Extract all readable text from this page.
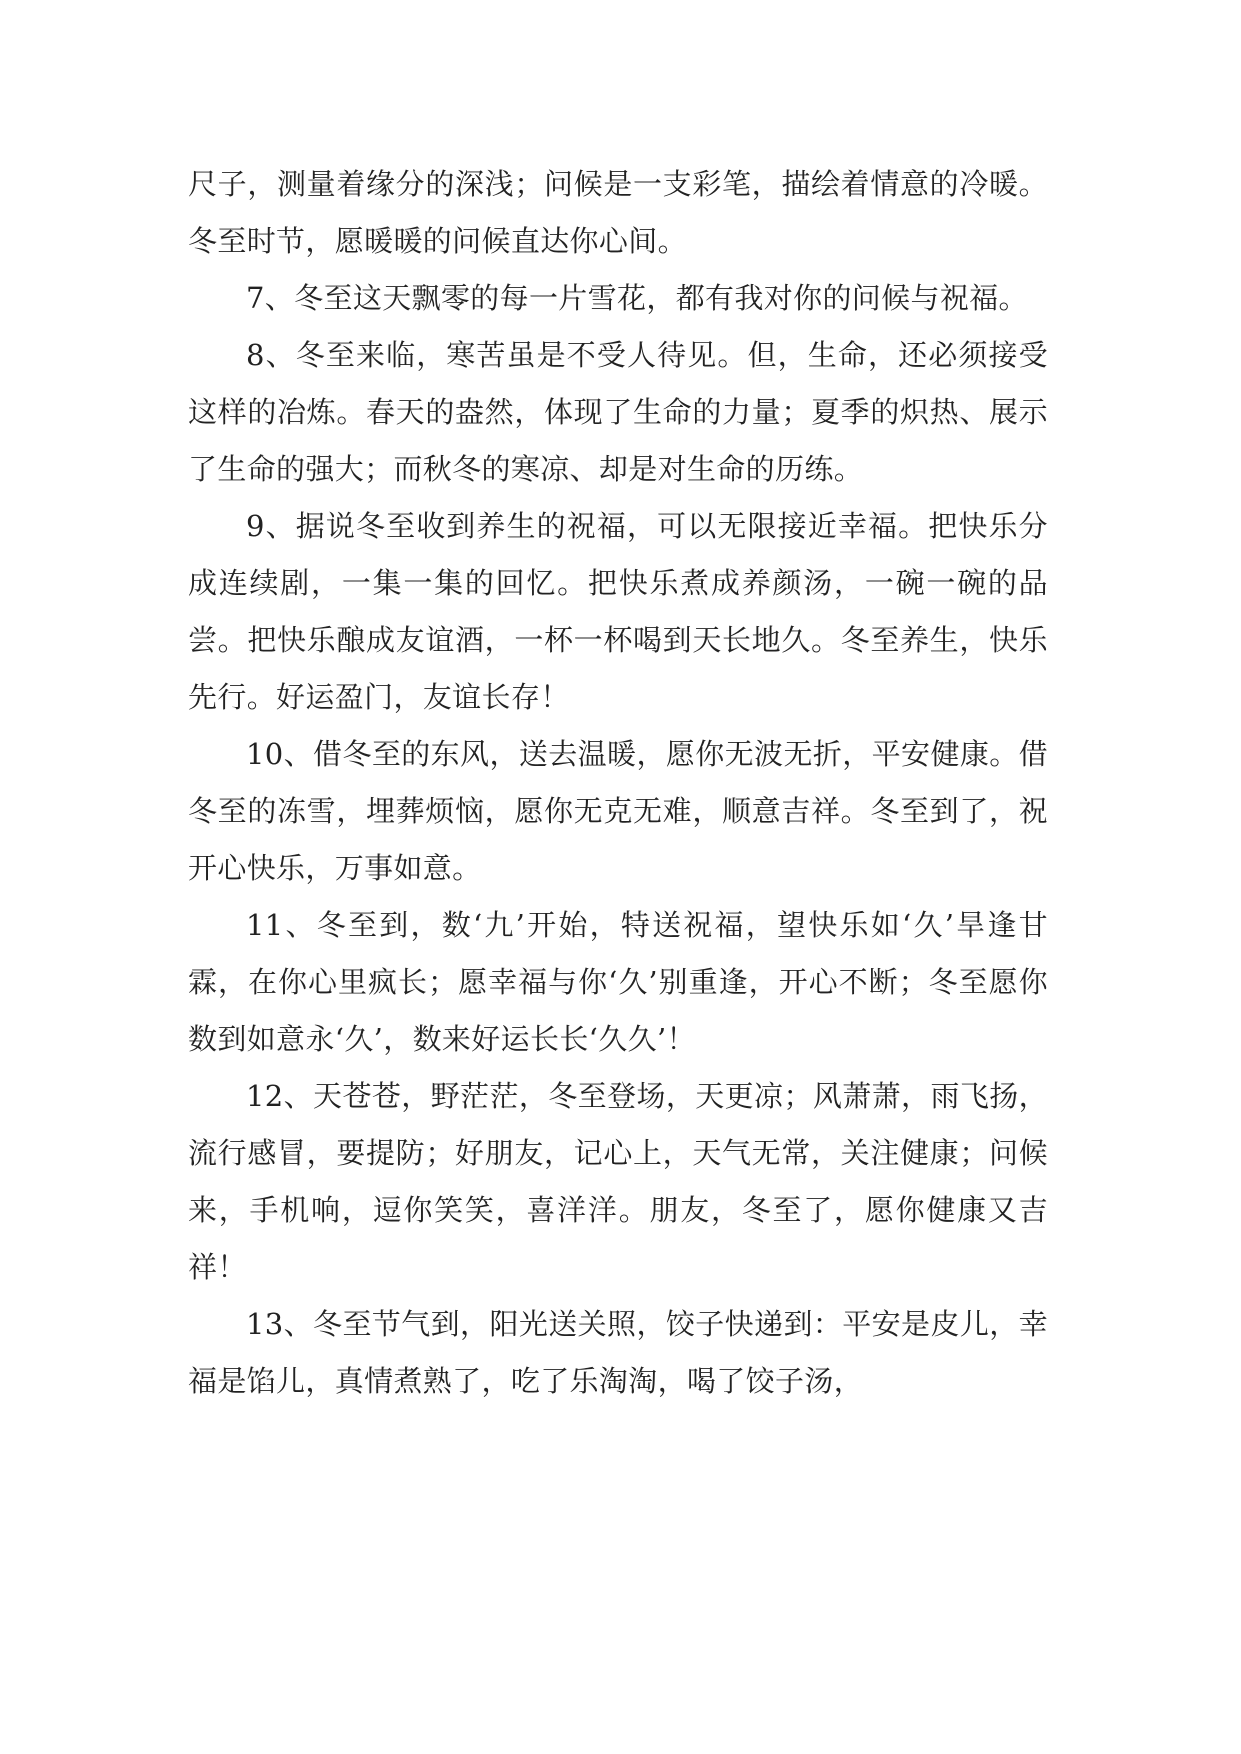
尺子，测量着缘分的深浅；问候是一支彩笔，描绘着情意的冷暖。冬至时节，愿暖暖的问候直达你心间。

7、冬至这天飘零的每一片雪花，都有我对你的问候与祝福。

8、冬至来临，寒苦虽是不受人待见。但，生命，还必须接受这样的冶炼。春天的盎然，体现了生命的力量；夏季的炽热、展示了生命的强大；而秋冬的寒凉、却是对生命的历练。

9、据说冬至收到养生的祝福，可以无限接近幸福。把快乐分成连续剧，一集一集的回忆。把快乐煮成养颜汤，一碗一碗的品尝。把快乐酿成友谊酒，一杯一杯喝到天长地久。冬至养生，快乐先行。好运盈门，友谊长存！

10、借冬至的东风，送去温暖，愿你无波无折，平安健康。借冬至的冻雪，埋葬烦恼，愿你无克无难，顺意吉祥。冬至到了，祝开心快乐，万事如意。

11、冬至到，数‘九’开始，特送祝福，望快乐如‘久’旱逢甘霖，在你心里疯长；愿幸福与你‘久’别重逢，开心不断；冬至愿你数到如意永‘久’，数来好运长长‘久久’！

12、天苍苍，野茫茫，冬至登场，天更凉；风萧萧，雨飞扬，流行感冒，要提防；好朋友，记心上，天气无常，关注健康；问候来，手机响，逗你笑笑，喜洋洋。朋友，冬至了，愿你健康又吉祥！

13、冬至节气到，阳光送关照，饺子快递到：平安是皮儿，幸福是馅儿，真情煮熟了，吃了乐淘淘，喝了饺子汤，
